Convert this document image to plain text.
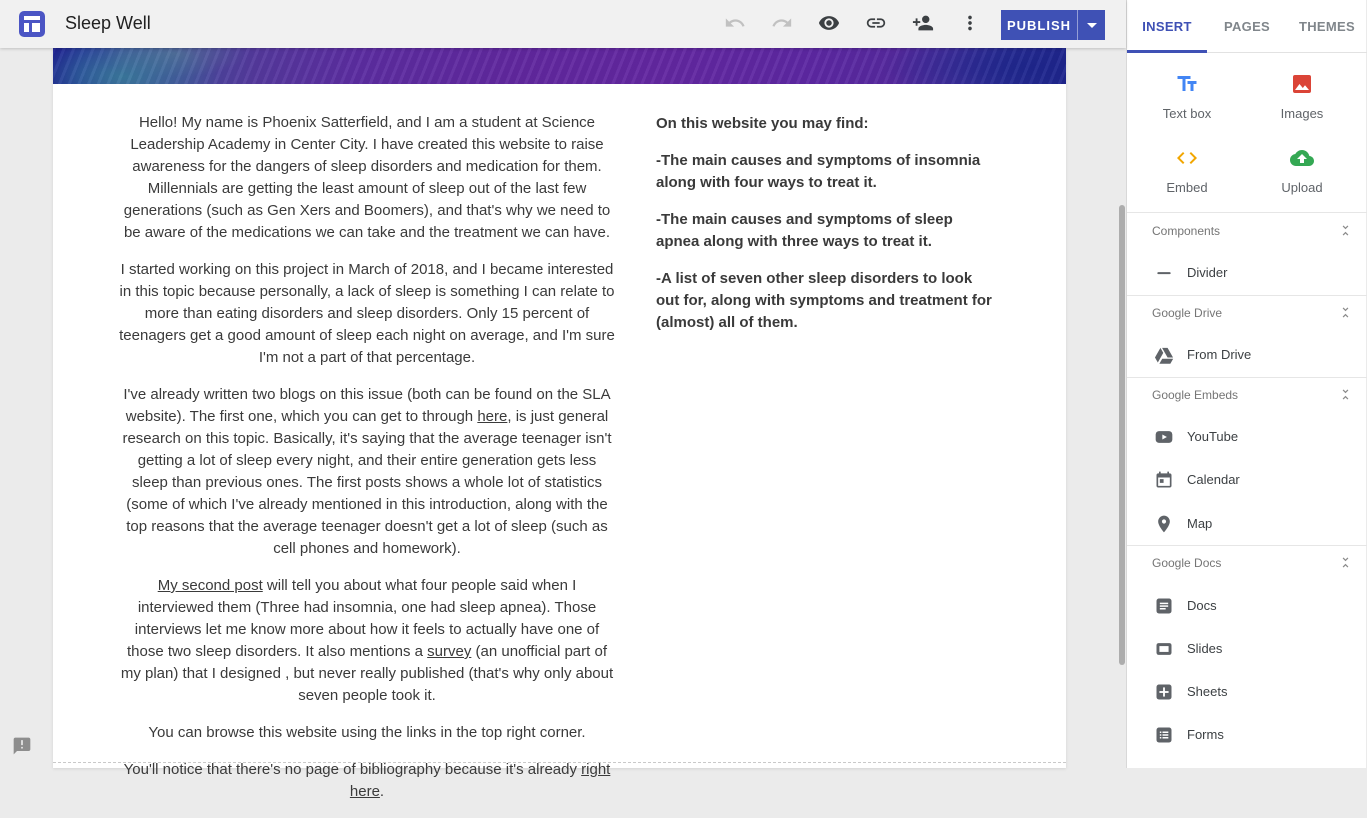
Sleep Well	PUBLISH

Hello! My name is Phoenix Satterfield, and I am a student at Science Leadership Academy in Center City. I have created this website to raise awareness for the dangers of sleep disorders and medication for them. Millennials are getting the least amount of sleep out of the last few generations (such as Gen Xers and Boomers), and that's why we need to be aware of the medications we can take and the treatment we can have.

I started working on this project in March of 2018, and I became interested in this topic because personally, a lack of sleep is something I can relate to more than eating disorders and sleep disorders. Only 15 percent of teenagers get a good amount of sleep each night on average, and I'm sure I'm not a part of that percentage.

I've already written two blogs on this issue (both can be found on the SLA website). The first one, which you can get to through here, is just general research on this topic. Basically, it's saying that the average teenager isn't getting a lot of sleep every night, and their entire generation gets less sleep than previous ones. The first posts shows a whole lot of statistics (some of which I've already mentioned in this introduction, along with the top reasons that the average teenager doesn't get a lot of sleep (such as cell phones and homework).

My second post will tell you about what four people said when I interviewed them (Three had insomnia, one had sleep apnea). Those interviews let me know more about how it feels to actually have one of those two sleep disorders. It also mentions a survey (an unofficial part of my plan) that I designed , but never really published (that's why only about seven people took it.

You can browse this website using the links in the top right corner.

You'll notice that there's no page of bibliography because it's already right here.

On this website you may find:

-The main causes and symptoms of insomnia along with four ways to treat it.

-The main causes and symptoms of sleep apnea along with three ways to treat it.

-A list of seven other sleep disorders to look out for, along with symptoms and treatment for (almost) all of them.

INSERT	PAGES	THEMES
Text box	Images
Embed	Upload
Components
Divider
Google Drive
From Drive
Google Embeds
YouTube
Calendar
Map
Google Docs
Docs
Slides
Sheets
Forms
